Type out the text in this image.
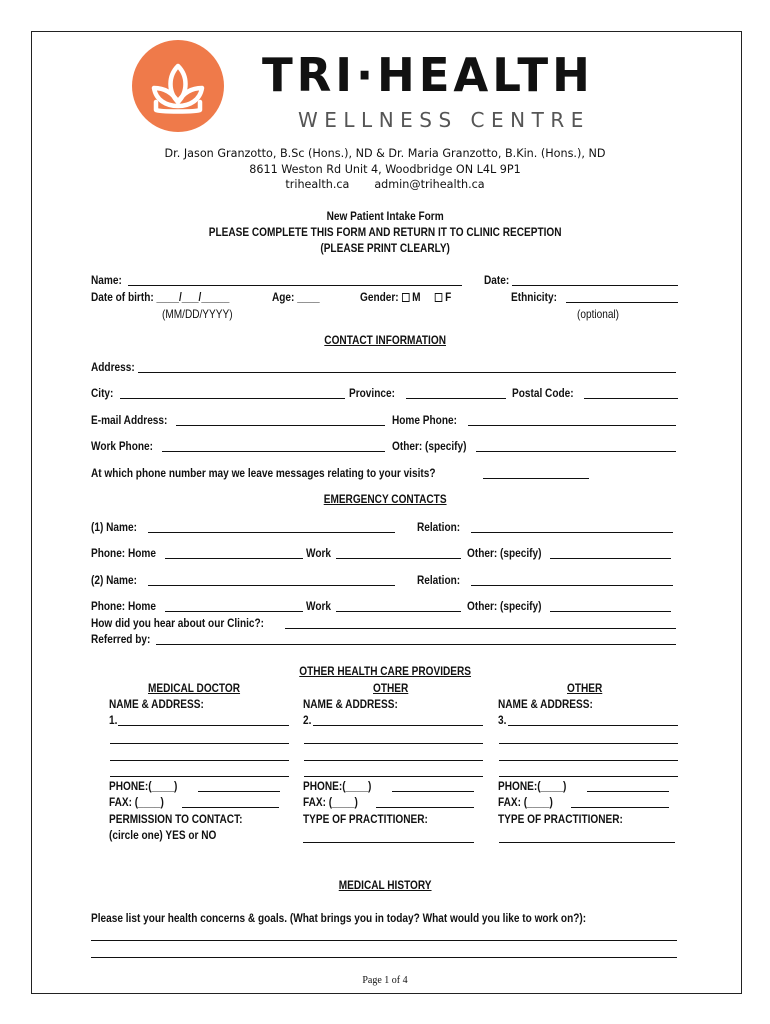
TRI·HEALTH
WELLNESS CENTRE
Dr. Jason Granzotto, B.Sc (Hons.), ND & Dr. Maria Granzotto, B.Kin. (Hons.), ND
8611 Weston Rd Unit 4, Woodbridge ON L4L 9P1
trihealth.ca admin@trihealth.ca
New Patient Intake Form
PLEASE COMPLETE THIS FORM AND RETURN IT TO CLINIC RECEPTION
(PLEASE PRINT CLEARLY)
Name:	Date:
Date of birth: ____/___/_____	Age: ____	Gender: M F	Ethnicity:
(MM/DD/YYYY)	(optional)
CONTACT INFORMATION
Address:
City:	Province:	Postal Code:
E-mail Address:	Home Phone:
Work Phone:	Other: (specify)
At which phone number may we leave messages relating to your visits?
EMERGENCY CONTACTS
(1) Name:	Relation:
Phone: Home	Work	Other: (specify)
(2) Name:	Relation:
Phone: Home	Work	Other: (specify)
How did you hear about our Clinic?:
Referred by:
OTHER HEALTH CARE PROVIDERS
MEDICAL DOCTOR	OTHER	OTHER
NAME & ADDRESS:	NAME & ADDRESS:	NAME & ADDRESS:
1.	2.	3.
PHONE:(____)	PHONE:(____)	PHONE:(____)
FAX: (____)	FAX: (____)	FAX: (____)
PERMISSION TO CONTACT:	TYPE OF PRACTITIONER:	TYPE OF PRACTITIONER:
(circle one) YES or NO
MEDICAL HISTORY
Please list your health concerns & goals. (What brings you in today? What would you like to work on?):
Page 1 of 4
